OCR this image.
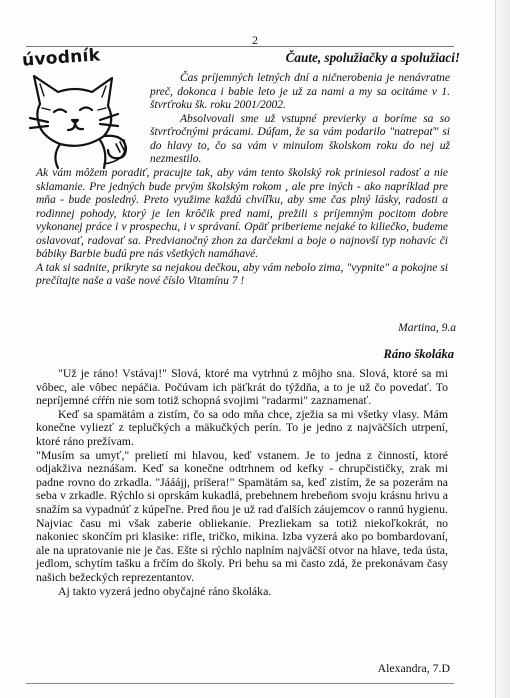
2
úvodník	Čaute, spolužiačky a spolužiaci!

Čas príjemných letných dní a ničnerobenia je nenávratne preč, dokonca i babie leto je už za nami a my sa ocitáme v 1. štvrťroku šk. roku 2001/2002.

Absolvovali sme už vstupné previerky a boríme sa so štvrťročnými prácami. Dúfam, že sa vám podarilo "natrepať" si do hlavy to, čo sa vám v minulom školskom roku do nej už nezmestilo.

Ak vám môžem poradiť, pracujte tak, aby vám tento školský rok priniesol radosť a nie sklamanie. Pre jedných bude prvým školským rokom , ale pre iných - ako napríklad pre mňa - bude posledný. Preto využime každú chvíľku, aby sme čas plný lásky, radosti a rodinnej pohody, ktorý je len krôčik pred nami, prežili s príjemným pocitom dobre vykonanej práce i v prospechu, i v správaní. Opäť priberieme nejaké to kiliečko, budeme oslavovať, radovať sa. Predvianočný zhon za darčekmi a boje o najnovší typ nohavíc či bábiky Barbie budú pre nás všetkých namáhavé.

A tak si sadnite, prikryte sa nejakou dečkou, aby vám nebolo zima, "vypnite" a pokojne si prečítajte naše a vaše nové číslo Vitamínu 7 !

Martina, 9.a
Ráno školáka

"Už je ráno! Vstávaj!" Slová, ktoré ma vytrhnú z môjho sna. Slová, ktoré sa mi vôbec, ale vôbec nepáčia. Počúvam ich päťkrát do týždňa, a to je už čo povedať. To nepríjemné cŕŕŕn nie som totiž schopná svojimi "radarmi" zaznamenať.

Keď sa spamätám a zistím, čo sa odo mňa chce, zježia sa mi všetky vlasy. Mám konečne vyliezť z teplučkých a mäkučkých perín. To je jedno z najväčších utrpení, ktoré ráno prežívam.

"Musím sa umyť," prelietí mi hlavou, keď vstanem. Je to jedna z činností, ktoré odjakživa neznášam. Keď sa konečne odtrhnem od kefky - chrupčističky, zrak mi padne rovno do zrkadla. "Jááájj, príšera!" Spamätám sa, keď zistím, že sa pozerám na seba v zrkadle. Rýchlo si oprskám kukadlá, prebehnem hrebeňom svoju krásnu hrivu a snažím sa vypadnúť z kúpeľne. Pred ňou je už rad ďalších záujemcov o rannú hygienu. Najviac času mi však zaberie obliekanie. Prezliekam sa totiž niekoľkokrát, no nakoniec skončím pri klasike: rifle, tričko, mikina. Izba vyzerá ako po bombardovaní, ale na upratovanie nie je čas. Ešte si rýchlo naplním najväčší otvor na hlave, teda ústa, jedlom, schytím tašku a frčím do školy. Pri behu sa mi často zdá, že prekonávam časy našich bežeckých reprezentantov.

Aj takto vyzerá jedno obyčajné ráno školáka.

Alexandra, 7.D
